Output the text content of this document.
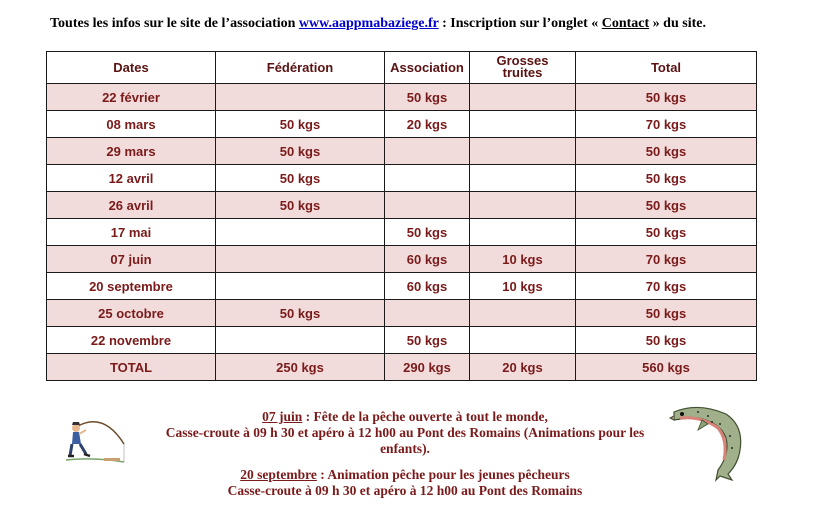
Toutes les infos sur le site de l’association www.aappmabaziege.fr : Inscription sur l’onglet « Contact » du site.
Dates	Fédération	Association	Grosses truites	Total
22 février		50 kgs		50 kgs
08 mars	50 kgs	20 kgs		70 kgs
29 mars	50 kgs			50 kgs
12 avril	50 kgs			50 kgs
26 avril	50 kgs			50 kgs
17 mai		50 kgs		50 kgs
07 juin		60 kgs	10 kgs	70 kgs
20 septembre		60 kgs	10 kgs	70 kgs
25 octobre	50 kgs			50 kgs
22 novembre		50 kgs		50 kgs
TOTAL	250 kgs	290 kgs	20 kgs	560 kgs
07 juin : Fête de la pêche ouverte à tout le monde,
Casse-croute à 09 h 30 et apéro à 12 h00 au Pont des Romains (Animations pour les enfants).
20 septembre : Animation pêche pour les jeunes pêcheurs
Casse-croute à 09 h 30 et apéro à 12 h00 au Pont des Romains
